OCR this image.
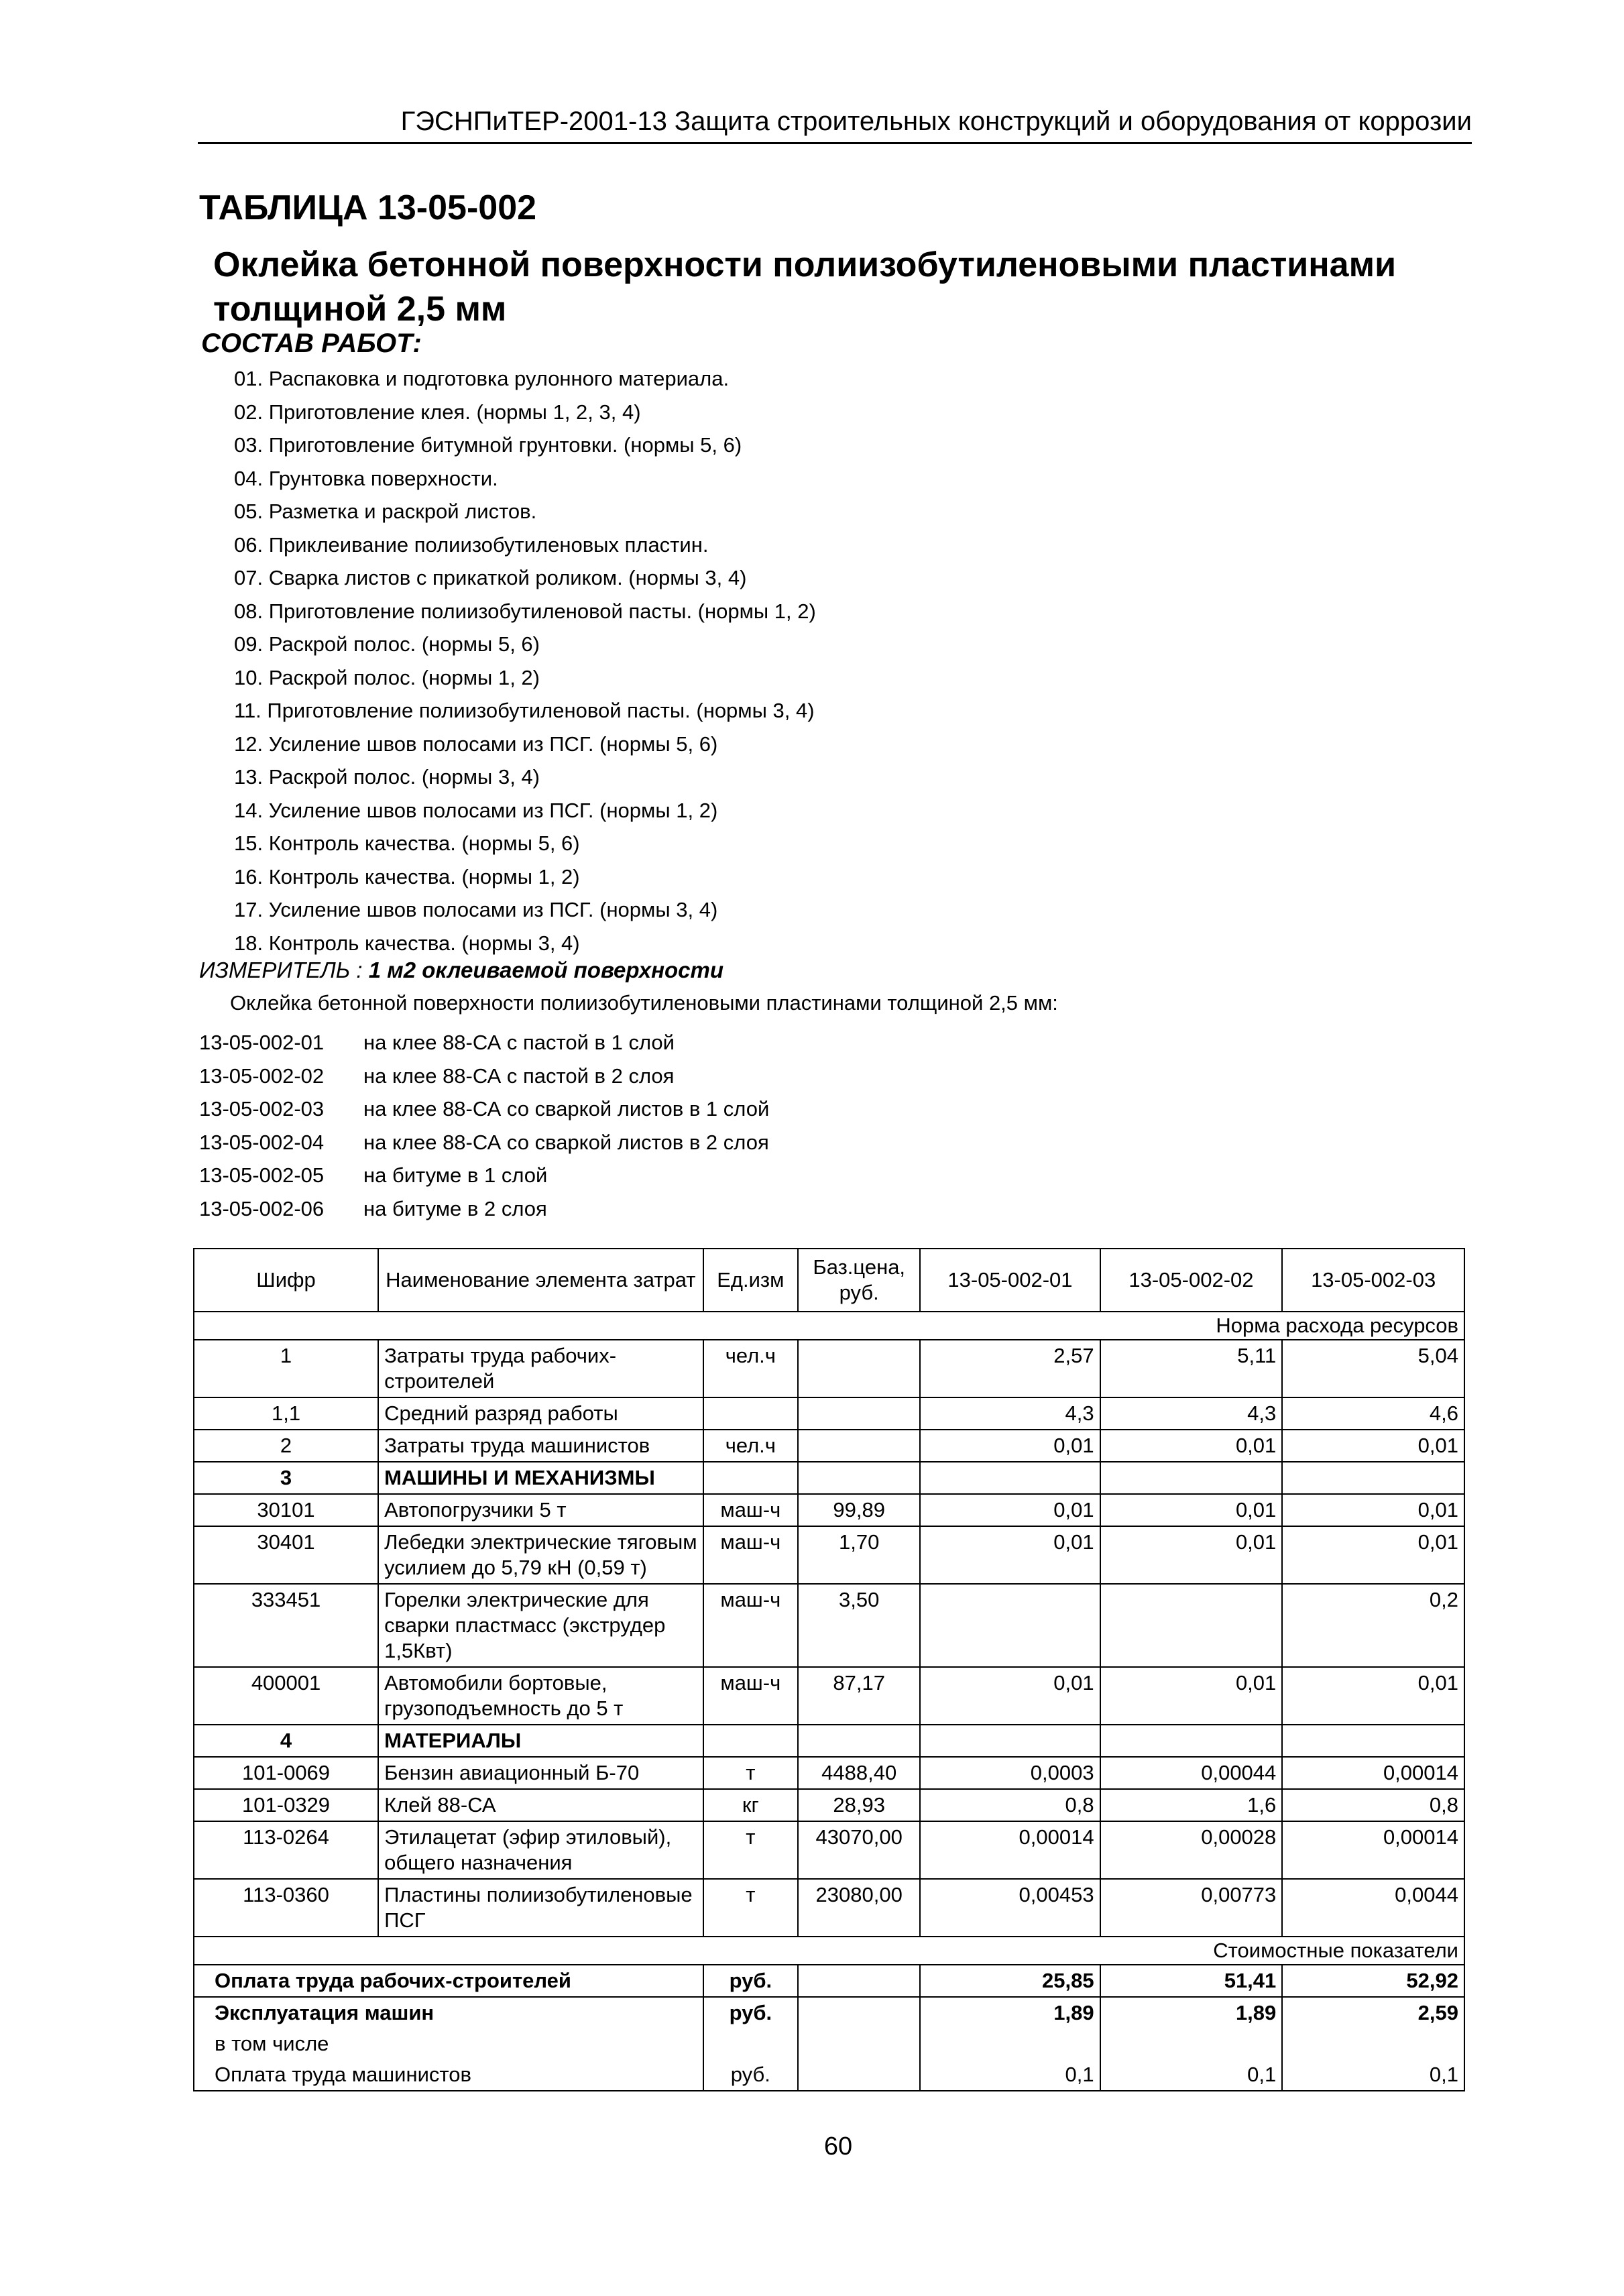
ГЭСНПиТЕР-2001-13 Защита строительных конструкций и оборудования от коррозии
ТАБЛИЦА 13-05-002
Оклейка бетонной поверхности полиизобутиленовыми пластинами толщиной 2,5 мм
СОСТАВ РАБОТ:
01. Распаковка и подготовка рулонного материала.
02. Приготовление клея. (нормы 1, 2, 3, 4)
03. Приготовление битумной грунтовки. (нормы 5, 6)
04. Грунтовка поверхности.
05. Разметка и раскрой листов.
06. Приклеивание полиизобутиленовых пластин.
07. Сварка листов с прикаткой роликом. (нормы 3, 4)
08. Приготовление полиизобутиленовой пасты. (нормы 1, 2)
09. Раскрой полос. (нормы 5, 6)
10. Раскрой полос. (нормы 1, 2)
11. Приготовление полиизобутиленовой пасты. (нормы 3, 4)
12. Усиление швов полосами из ПСГ. (нормы 5, 6)
13. Раскрой полос. (нормы 3, 4)
14. Усиление швов полосами из ПСГ. (нормы 1, 2)
15. Контроль качества. (нормы 5, 6)
16. Контроль качества. (нормы 1, 2)
17. Усиление швов полосами из ПСГ. (нормы 3, 4)
18. Контроль качества. (нормы 3, 4)
ИЗМЕРИТЕЛЬ : 1 м2 оклеиваемой поверхности
Оклейка бетонной поверхности полиизобутиленовыми пластинами толщиной 2,5 мм:
13-05-002-01 на клее 88-СА с пастой в 1 слой
13-05-002-02 на клее 88-СА с пастой в 2 слоя
13-05-002-03 на клее 88-СА со сваркой листов в 1 слой
13-05-002-04 на клее 88-СА со сваркой листов в 2 слоя
13-05-002-05 на битуме в 1 слой
13-05-002-06 на битуме в 2 слоя
Шифр	Наименование элемента затрат	Ед.изм	Баз.цена, руб.	13-05-002-01	13-05-002-02	13-05-002-03
Норма расхода ресурсов						
1	Затраты труда рабочих-строителей	чел.ч		2,57	5,11	5,04
1,1	Средний разряд работы			4,3	4,3	4,6
2	Затраты труда машинистов	чел.ч		0,01	0,01	0,01
3	МАШИНЫ И МЕХАНИЗМЫ					
30101	Автопогрузчики 5 т	маш-ч	99,89	0,01	0,01	0,01
30401	Лебедки электрические тяговым усилием до 5,79 кН (0,59 т)	маш-ч	1,70	0,01	0,01	0,01
333451	Горелки электрические для сварки пластмасс (экструдер 1,5Квт)	маш-ч	3,50			0,2
400001	Автомобили бортовые, грузоподъемность до 5 т	маш-ч	87,17	0,01	0,01	0,01
4	МАТЕРИАЛЫ					
101-0069	Бензин авиационный Б-70	т	4488,40	0,0003	0,00044	0,00014
101-0329	Клей 88-СА	кг	28,93	0,8	1,6	0,8
113-0264	Этилацетат (эфир этиловый), общего назначения	т	43070,00	0,00014	0,00028	0,00014
113-0360	Пластины полиизобутиленовые ПСГ	т	23080,00	0,00453	0,00773	0,0044
Стоимостные показатели						
Оплата труда рабочих-строителей		руб.		25,85	51,41	52,92
Эксплуатация машин		руб.		1,89	1,89	2,59
в том числе						
Оплата труда машинистов		руб.		0,1	0,1	0,1
60
